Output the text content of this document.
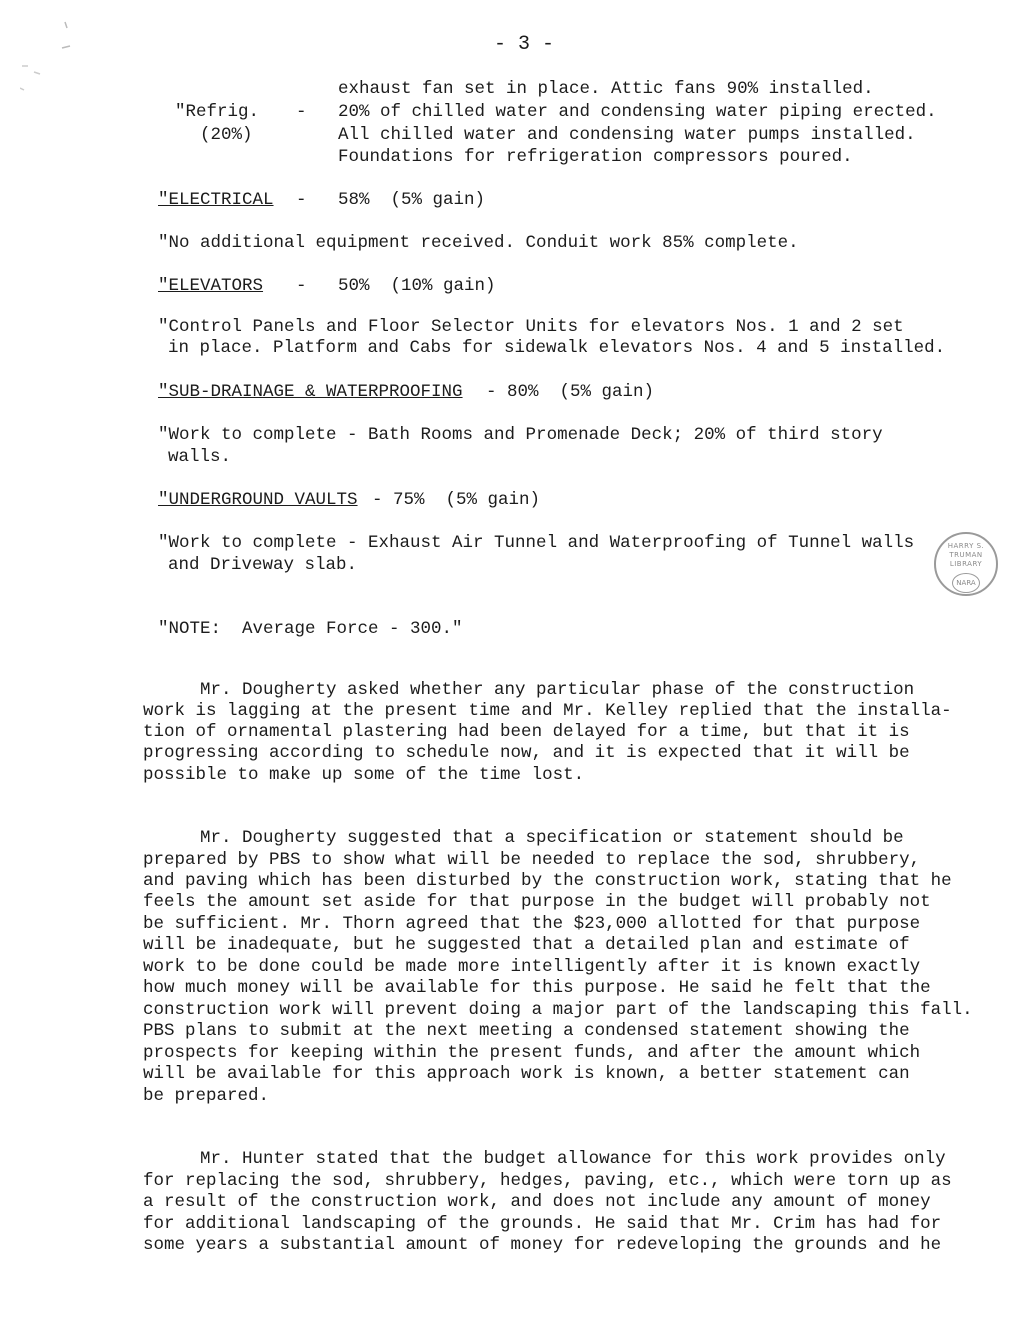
- 3 -
exhaust fan set in place. Attic fans 90% installed.
"Refrig. - 20% of chilled water and condensing water piping erected.
(20%)	All chilled water and condensing water pumps installed.
Foundations for refrigeration compressors poured.
"ELECTRICAL - 58%  (5% gain)
"No additional equipment received. Conduit work 85% complete.
"ELEVATORS - 50%  (10% gain)
"Control Panels and Floor Selector Units for elevators Nos. 1 and 2 set
in place. Platform and Cabs for sidewalk elevators Nos. 4 and 5 installed.
"SUB-DRAINAGE & WATERPROOFING - 80%  (5% gain)
"Work to complete - Bath Rooms and Promenade Deck; 20% of third story
walls.
"UNDERGROUND VAULTS - 75%  (5% gain)
"Work to complete - Exhaust Air Tunnel and Waterproofing of Tunnel walls
and Driveway slab.
"NOTE:  Average Force - 300."
Mr. Dougherty asked whether any particular phase of the construction
work is lagging at the present time and Mr. Kelley replied that the installa-
tion of ornamental plastering had been delayed for a time, but that it is
progressing according to schedule now, and it is expected that it will be
possible to make up some of the time lost.
Mr. Dougherty suggested that a specification or statement should be
prepared by PBS to show what will be needed to replace the sod, shrubbery,
and paving which has been disturbed by the construction work, stating that he
feels the amount set aside for that purpose in the budget will probably not
be sufficient. Mr. Thorn agreed that the $23,000 allotted for that purpose
will be inadequate, but he suggested that a detailed plan and estimate of
work to be done could be made more intelligently after it is known exactly
how much money will be available for this purpose. He said he felt that the
construction work will prevent doing a major part of the landscaping this fall.
PBS plans to submit at the next meeting a condensed statement showing the
prospects for keeping within the present funds, and after the amount which
will be available for this approach work is known, a better statement can
be prepared.
Mr. Hunter stated that the budget allowance for this work provides only
for replacing the sod, shrubbery, hedges, paving, etc., which were torn up as
a result of the construction work, and does not include any amount of money
for additional landscaping of the grounds. He said that Mr. Crim has had for
some years a substantial amount of money for redeveloping the grounds and he
HARRY S. TRUMAN LIBRARY
NARA
